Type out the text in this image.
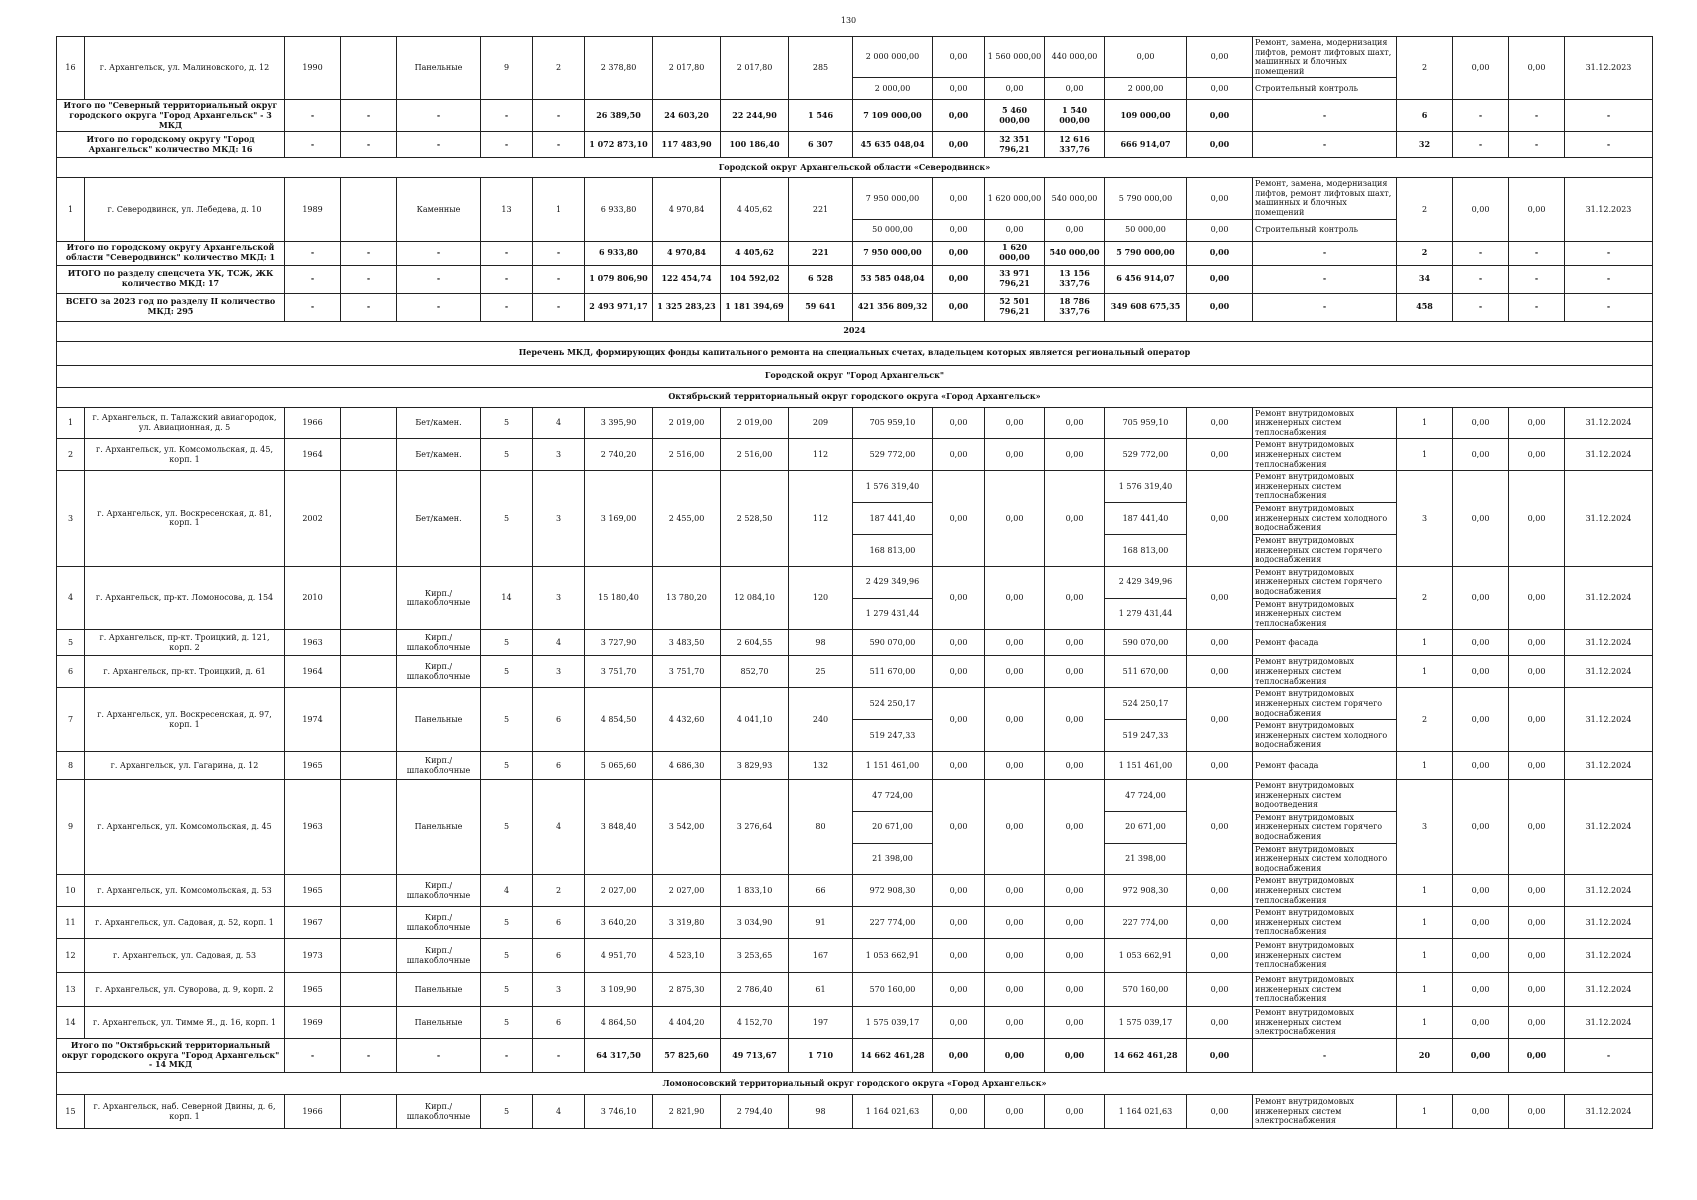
130
16	г. Архангельск, ул. Малиновского, д. 12	1990		Панельные	9	2	2 378,80	2 017,80	2 017,80	285	2 000 000,00	0,00	1 560 000,00	440 000,00	0,00	0,00	Ремонт, замена, модернизация лифтов, ремонт лифтовых шахт, машинных и блочных помещений	2	0,00	0,00	31.12.2023
											2 000,00	0,00	0,00	0,00	2 000,00	0,00	Строительный контроль				
Итого по "Северный территориальный округ городского округа "Город Архангельск" - 3 МКД		-	-	-	-	-	26 389,50	24 603,20	22 244,90	1 546	7 109 000,00	0,00	5 460 000,00	1 540 000,00	109 000,00	0,00	-	6	-	-	-
Итого по городскому округу "Город Архангельск" количество МКД: 16		-	-	-	-	-	1 072 873,10	117 483,90	100 186,40	6 307	45 635 048,04	0,00	32 351 796,21	12 616 337,76	666 914,07	0,00	-	32	-	-	-
Городской округ Архангельской области «Северодвинск»																					
1	г. Северодвинск, ул. Лебедева, д. 10	1989		Каменные	13	1	6 933,80	4 970,84	4 405,62	221	7 950 000,00	0,00	1 620 000,00	540 000,00	5 790 000,00	0,00	Ремонт, замена, модернизация лифтов, ремонт лифтовых шахт, машинных и блочных помещений	2	0,00	0,00	31.12.2023
											50 000,00	0,00	0,00	0,00	50 000,00	0,00	Строительный контроль				
Итого по городскому округу Архангельской области "Северодвинск" количество МКД: 1		-	-	-	-	-	6 933,80	4 970,84	4 405,62	221	7 950 000,00	0,00	1 620 000,00	540 000,00	5 790 000,00	0,00	-	2	-	-	-
ИТОГО по разделу спецсчета УК, ТСЖ, ЖК количество МКД: 17		-	-	-	-	-	1 079 806,90	122 454,74	104 592,02	6 528	53 585 048,04	0,00	33 971 796,21	13 156 337,76	6 456 914,07	0,00	-	34	-	-	-
ВСЕГО за 2023 год по разделу II количество МКД: 295		-	-	-	-	-	2 493 971,17	1 325 283,23	1 181 394,69	59 641	421 356 809,32	0,00	52 501 796,21	18 786 337,76	349 608 675,35	0,00	-	458	-	-	-
2024																					
Перечень МКД, формирующих фонды капитального ремонта на специальных счетах, владельцем которых является региональный оператор																					
Городской округ "Город Архангельск"																					
Октябрьский территориальный округ городского округа «Город Архангельск»																					
1	г. Архангельск, п. Талажский авиагородок, ул. Авиационная, д. 5	1966		Бет/камен.	5	4	3 395,90	2 019,00	2 019,00	209	705 959,10	0,00	0,00	0,00	705 959,10	0,00	Ремонт внутридомовых инженерных систем теплоснабжения	1	0,00	0,00	31.12.2024
2	г. Архангельск, ул. Комсомольская, д. 45, корп. 1	1964		Бет/камен.	5	3	2 740,20	2 516,00	2 516,00	112	529 772,00	0,00	0,00	0,00	529 772,00	0,00	Ремонт внутридомовых инженерных систем теплоснабжения	1	0,00	0,00	31.12.2024
3	г. Архангельск, ул. Воскресенская, д. 81, корп. 1	2002		Бет/камен.	5	3	3 169,00	2 455,00	2 528,50	112	1 576 319,40	0,00	0,00	0,00	1 576 319,40	0,00	Ремонт внутридомовых инженерных систем теплоснабжения	3	0,00	0,00	31.12.2024
											187 441,40				187 441,40		Ремонт внутридомовых инженерных систем холодного водоснабжения				
											168 813,00				168 813,00		Ремонт внутридомовых инженерных систем горячего водоснабжения				
4	г. Архангельск, пр-кт. Ломоносова, д. 154	2010		Кирп./ шлакоблочные	14	3	15 180,40	13 780,20	12 084,10	120	2 429 349,96	0,00	0,00	0,00	2 429 349,96	0,00	Ремонт внутридомовых инженерных систем горячего водоснабжения	2	0,00	0,00	31.12.2024
											1 279 431,44				1 279 431,44		Ремонт внутридомовых инженерных систем теплоснабжения				
5	г. Архангельск, пр-кт. Троицкий, д. 121, корп. 2	1963		Кирп./ шлакоблочные	5	4	3 727,90	3 483,50	2 604,55	98	590 070,00	0,00	0,00	0,00	590 070,00	0,00	Ремонт фасада	1	0,00	0,00	31.12.2024
6	г. Архангельск, пр-кт. Троицкий, д. 61	1964		Кирп./ шлакоблочные	5	3	3 751,70	3 751,70	852,70	25	511 670,00	0,00	0,00	0,00	511 670,00	0,00	Ремонт внутридомовых инженерных систем теплоснабжения	1	0,00	0,00	31.12.2024
7	г. Архангельск, ул. Воскресенская, д. 97, корп. 1	1974		Панельные	5	6	4 854,50	4 432,60	4 041,10	240	524 250,17	0,00	0,00	0,00	524 250,17	0,00	Ремонт внутридомовых инженерных систем горячего водоснабжения	2	0,00	0,00	31.12.2024
											519 247,33				519 247,33		Ремонт внутридомовых инженерных систем холодного водоснабжения				
8	г. Архангельск, ул. Гагарина, д. 12	1965		Кирп./ шлакоблочные	5	6	5 065,60	4 686,30	3 829,93	132	1 151 461,00	0,00	0,00	0,00	1 151 461,00	0,00	Ремонт фасада	1	0,00	0,00	31.12.2024
9	г. Архангельск, ул. Комсомольская, д. 45	1963		Панельные	5	4	3 848,40	3 542,00	3 276,64	80	47 724,00	0,00	0,00	0,00	47 724,00	0,00	Ремонт внутридомовых инженерных систем водоотведения	3	0,00	0,00	31.12.2024
											20 671,00				20 671,00		Ремонт внутридомовых инженерных систем горячего водоснабжения				
											21 398,00				21 398,00		Ремонт внутридомовых инженерных систем холодного водоснабжения				
10	г. Архангельск, ул. Комсомольская, д. 53	1965		Кирп./ шлакоблочные	4	2	2 027,00	2 027,00	1 833,10	66	972 908,30	0,00	0,00	0,00	972 908,30	0,00	Ремонт внутридомовых инженерных систем теплоснабжения	1	0,00	0,00	31.12.2024
11	г. Архангельск, ул. Садовая, д. 52, корп. 1	1967		Кирп./ шлакоблочные	5	6	3 640,20	3 319,80	3 034,90	91	227 774,00	0,00	0,00	0,00	227 774,00	0,00	Ремонт внутридомовых инженерных систем теплоснабжения	1	0,00	0,00	31.12.2024
12	г. Архангельск, ул. Садовая, д. 53	1973		Кирп./ шлакоблочные	5	6	4 951,70	4 523,10	3 253,65	167	1 053 662,91	0,00	0,00	0,00	1 053 662,91	0,00	Ремонт внутридомовых инженерных систем теплоснабжения	1	0,00	0,00	31.12.2024
13	г. Архангельск, ул. Суворова, д. 9, корп. 2	1965		Панельные	5	3	3 109,90	2 875,30	2 786,40	61	570 160,00	0,00	0,00	0,00	570 160,00	0,00	Ремонт внутридомовых инженерных систем теплоснабжения	1	0,00	0,00	31.12.2024
14	г. Архангельск, ул. Тимме Я., д. 16, корп. 1	1969		Панельные	5	6	4 864,50	4 404,20	4 152,70	197	1 575 039,17	0,00	0,00	0,00	1 575 039,17	0,00	Ремонт внутридомовых инженерных систем электроснабжения	1	0,00	0,00	31.12.2024
Итого по "Октябрьский территориальный округ городского округа "Город Архангельск" - 14 МКД		-	-	-	-	-	64 317,50	57 825,60	49 713,67	1 710	14 662 461,28	0,00	0,00	0,00	14 662 461,28	0,00	-	20	0,00	0,00	-
Ломоносовский территориальный округ городского округа «Город Архангельск»																					
15	г. Архангельск, наб. Северной Двины, д. 6, корп. 1	1966		Кирп./ шлакоблочные	5	4	3 746,10	2 821,90	2 794,40	98	1 164 021,63	0,00	0,00	0,00	1 164 021,63	0,00	Ремонт внутридомовых инженерных систем электроснабжения	1	0,00	0,00	31.12.2024
